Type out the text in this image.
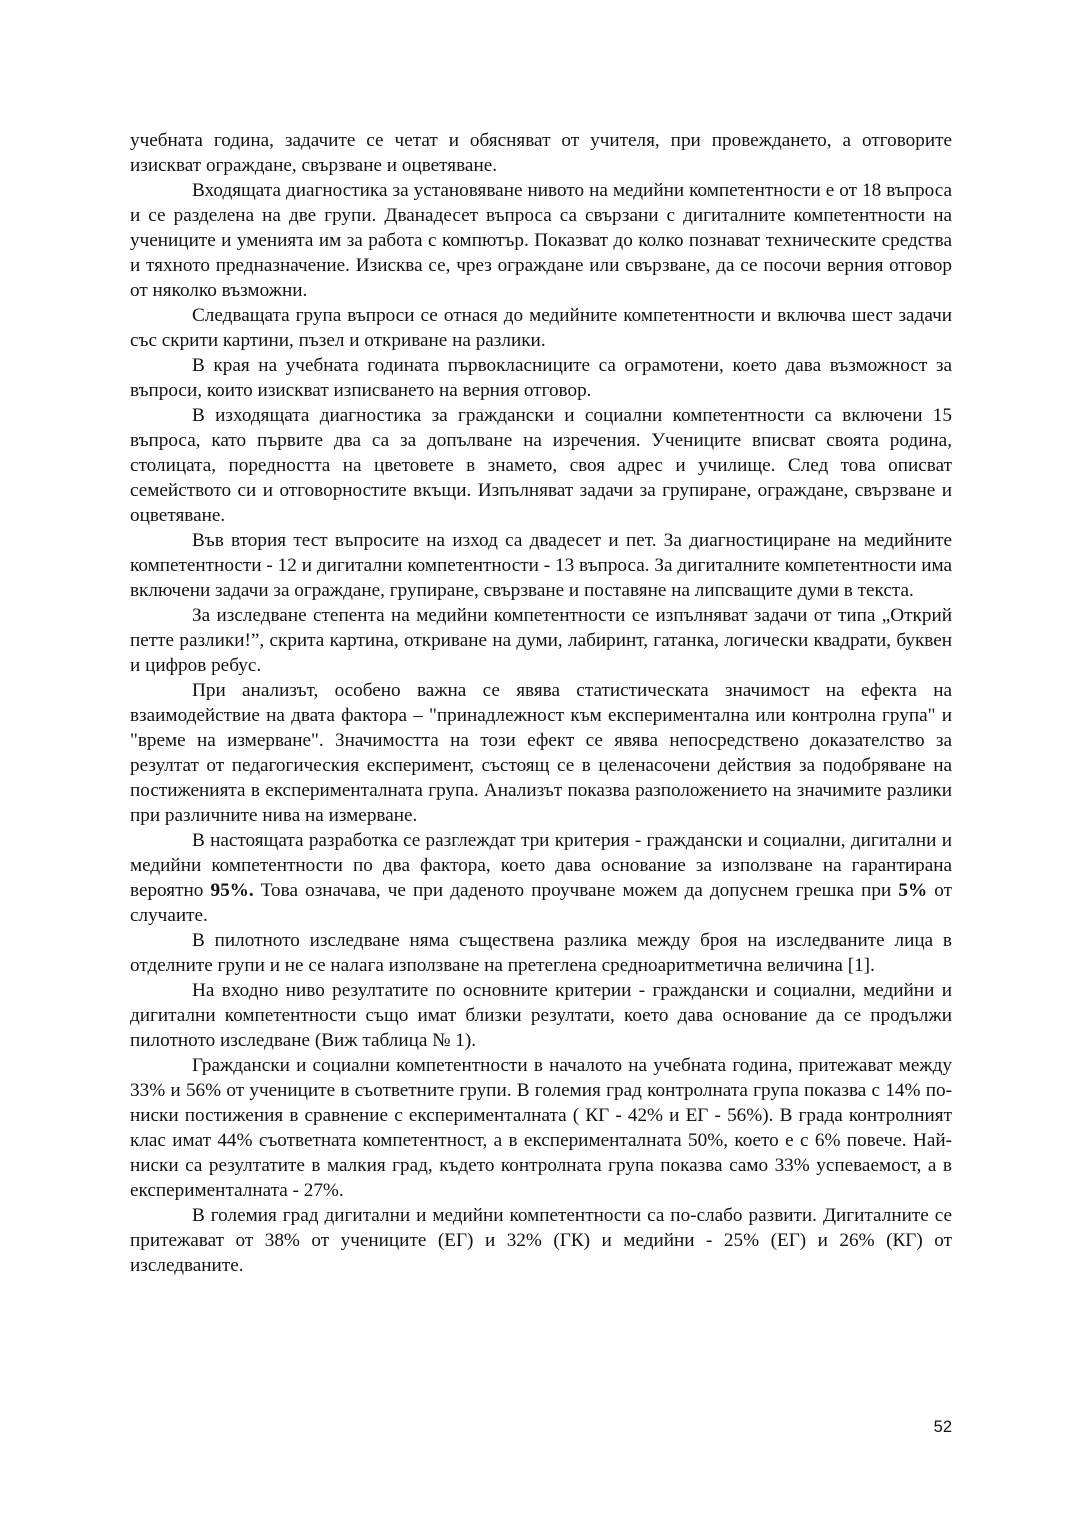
учебната година, задачите се четат и обясняват от учителя, при провеждането, а отговорите изискват ограждане, свързване и оцветяване.

Входящата диагностика за установяване нивото на медийни компетентности е от 18 въпроса и се разделена на две групи. Дванадесет въпроса са свързани с дигиталните компетентности на учениците и уменията им за работа с компютър. Показват до колко познават техническите средства и тяхното предназначение. Изисква се, чрез ограждане или свързване, да се посочи верния отговор от няколко възможни.

Следващата група въпроси се отнася до медийните компетентности и включва шест задачи със скрити картини, пъзел и откриване на разлики.

В края на учебната годината първокласниците са ограмотени, което дава възможност за въпроси, които изискват изписването на верния отговор.

В изходящата диагностика за граждански и социални компетентности са включени 15 въпроса, като първите два са за допълване на изречения. Учениците вписват своята родина, столицата, поредността на цветовете в знамето, своя адрес и училище. След това описват семейството си и отговорностите вкъщи. Изпълняват задачи за групиране, ограждане, свързване и оцветяване.

Във втория тест въпросите на изход са двадесет и пет. За диагностициране на медийните компетентности - 12 и дигитални компетентности - 13 въпроса. За дигиталните компетентности има включени задачи за ограждане, групиране, свързване и поставяне на липсващите думи в текста.

За изследване степента на медийни компетентности се изпълняват задачи от типа „Открий петте разлики!”, скрита картина, откриване на думи, лабиринт, гатанка, логически квадрати, буквен и цифров ребус.

При анализът, особено важна се явява статистическата значимост на ефекта на взаимодействие на двата фактора – "принадлежност към експериментална или контролна група" и "време на измерване". Значимостта на този ефект се явява непосредствено доказателство за резултат от педагогическия експеримент, състоящ се в целенасочени действия за подобряване на постиженията в експерименталната група. Анализът показва разположението на значимите разлики при различните нива на измерване.

В настоящата разработка се разглеждат три критерия - граждански и социални, дигитални и медийни компетентности по два фактора, което дава основание за използване на гарантирана вероятно 95%. Това означава, че при даденото проучване можем да допуснем грешка при 5% от случаите.

В пилотното изследване няма съществена разлика между броя на изследваните лица в отделните групи и не се налага използване на претеглена средноаритметична величина [1].

На входно ниво резултатите по основните критерии - граждански и социални, медийни и дигитални компетентности също имат близки резултати, което дава основание да се продължи пилотното изследване (Виж таблица № 1).

Граждански и социални компетентности в началото на учебната година, притежават между 33% и 56% от учениците в съответните групи. В големия град контролната група показва с 14% по-ниски постижения в сравнение с експерименталната ( КГ - 42% и ЕГ - 56%). В града контролният клас имат 44% съответната компетентност, а в експерименталната 50%, което е с 6% повече. Най-ниски са резултатите в малкия град, където контролната група показва само 33% успеваемост, а в експерименталната - 27%.

В големия град дигитални и медийни компетентности са по-слабо развити. Дигиталните се притежават от 38% от учениците (ЕГ) и 32% (ГК) и медийни - 25% (ЕГ) и 26% (КГ) от изследваните.

52
